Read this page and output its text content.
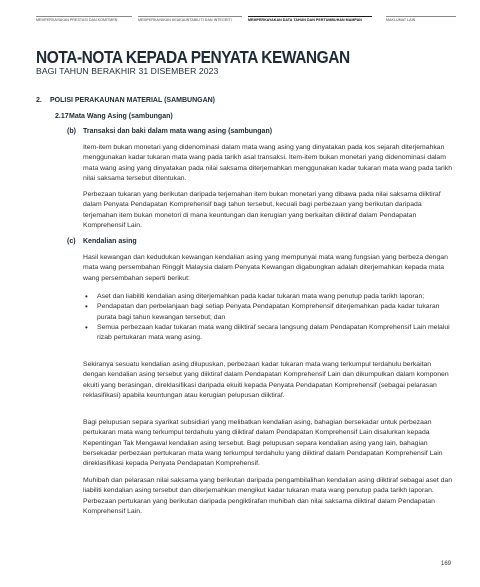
MEMPERKAYAKAN PRESTASI DAN KOMITMEN	MEMPERKAYAKAN KEAKAUNTABILITI DAN INTEGRITI	MEMPERKAYAKAN DATA TAHUN DAN PERTUMBUHAN MAMPAN	MAKLUMAT LAIN
NOTA-NOTA KEPADA PENYATA KEWANGAN
BAGI TAHUN BERAKHIR 31 DISEMBER 2023
2. POLISI PERAKAUNAN MATERIAL (SAMBUNGAN)
2.17Mata Wang Asing (sambungan)
(b) Transaksi dan baki dalam mata wang asing (sambungan)

Item-item bukan monetari yang didenominasi dalam mata wang asing yang dinyatakan pada kos sejarah diterjemahkan menggunakan kadar tukaran mata wang pada tarikh asal transaksi. Item-item bukan monetari yang didenominasi dalam mata wang asing yang dinyatakan pada nilai saksama diterjemahkan menggunakan kadar tukaran mata wang pada tarikh nilai saksama tersebut ditentukan.

Perbezaan tukaran yang berikutan daripada terjemahan item bukan monetari yang dibawa pada nilai saksama diiktiraf dalam Penyata Pendapatan Komprehensif bagi tahun tersebut, kecuali bagi perbezaan yang berikutan daripada terjemahan item bukan monetori di mana keuntungan dan kerugian yang berkaitan diiktiraf dalam Pendapatan Komprehensif Lain.

(c) Kendalian asing

Hasil kewangan dan kedudukan kewangan kendalian asing yang mempunyai mata wang fungsian yang berbeza dengan mata wang persembahan Ringgit Malaysia dalam Penyata Kewangan digabungkan adalah diterjemahkan kepada mata wang persembahan seperti berikut:

• Aset dan liabiliti kendalian asing diterjemahkan pada kadar tukaran mata wang penutup pada tarikh laporan;
• Pendapatan dan perbelanjaan bagi setiap Penyata Pendapatan Komprehensif diterjemahkan pada kadar tukaran purata bagi tahun kewangan tersebut; dan
• Semua perbezaan kadar tukaran mata wang diiktiraf secara langsung dalam Pendapatan Komprehensif Lain melalui rizab pertukaran mata wang asing.

Sekiranya sesuatu kendalian asing dilupuskan, perbezaan kadar tukaran mata wang terkumpul terdahulu berkaitan dengan kendalian asing tersebut yang diiktiraf dalam Pendapatan Komprehensif Lain dan dikumpulkan dalam komponen ekuiti yang berasingan, direklasifikasi daripada ekuiti kepada Penyata Pendapatan Komprehensif (sebagai pelarasan reklasifikasi) apabila keuntungan atau kerugian pelupusan diiktiraf.

Bagi pelupusan separa syarikat subsidiari yang melibatkan kendalian asing, bahagian bersekadar untuk perbezaan pertukaran mata wang terkumpul terdahulu yang diiktiraf dalam Pendapatan Komprehensif Lain disalurkan kepada Kepentingan Tak Mengawal kendalian asing tersebut. Bagi pelupusan separa kendalian asing yang lain, bahagian bersekadar perbezaan pertukaran mata wang terkumpul terdahulu yang diiktiraf dalam Pendapatan Komprehensif Lain direklasifikasi kepada Penyata Pendapatan Komprehensif.

Muhibah dan pelarasan nilai saksama yang berikutan daripada pengambilalihan kendalian asing diiktiraf sebagai aset dan liabiliti kendalian asing tersebut dan diterjemahkan mengikut kadar tukaran mata wang penutup pada tarikh laporan. Perbezaan pertukaran yang berikutan daripada pengiktirafan muhibah dan nilai saksama diiktiraf dalam Pendapatan Komprehensif Lain.

169
